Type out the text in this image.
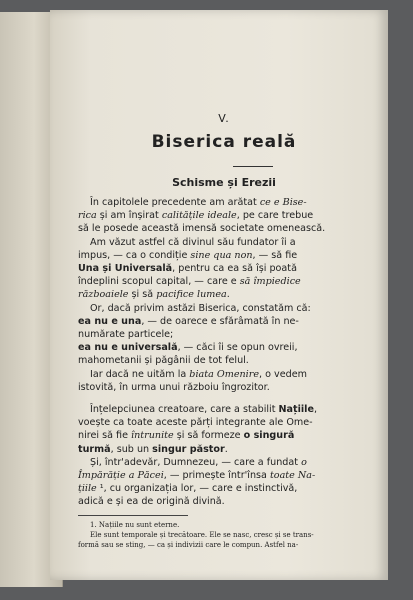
V.
Biserica reală
Schisme și Erezii
În capitolele precedente am arătat ce e Bise-
rica și am înșirat calitățile ideale, pe care trebue
să le posede această imensă societate omenească.
Am văzut astfel că divinul său fundator îi a
impus, — ca o condiție sine qua non, — să fie
Una și Universală, pentru ca ea să își poată
îndeplini scopul capital, — care e să împiedice
războaiele și să pacifice lumea.
Or, dacă privim astăzi Biserica, constatăm că:
ea nu e una, — de oarece e sfărâmată în ne-
numărate particele;
ea nu e universală, — căci îi se opun ovreii,
mahometanii și păgânii de tot felul.
Iar dacă ne uităm la biata Omenire, o vedem
istovită, în urma unui războiu îngrozitor.
Înțelepciunea creatoare, care a stabilit Națiile,
voește ca toate aceste părți integrante ale Ome-
nirei să fie întrunite și să formeze o singură
turmă, sub un singur păstor.
Și, într'adevăr, Dumnezeu, — care a fundat o
Împărăție a Păcei, — primește într'însa toate Na-
țiile ¹, cu organizația lor, — care e instinctivă,
adică e și ea de origină divină.
1. Națiile nu sunt eterne.
Ele sunt temporale și trecătoare. Ele se nasc, cresc și se trans-
formă sau se sting, — ca și indivizii care le compun. Astfel na-
